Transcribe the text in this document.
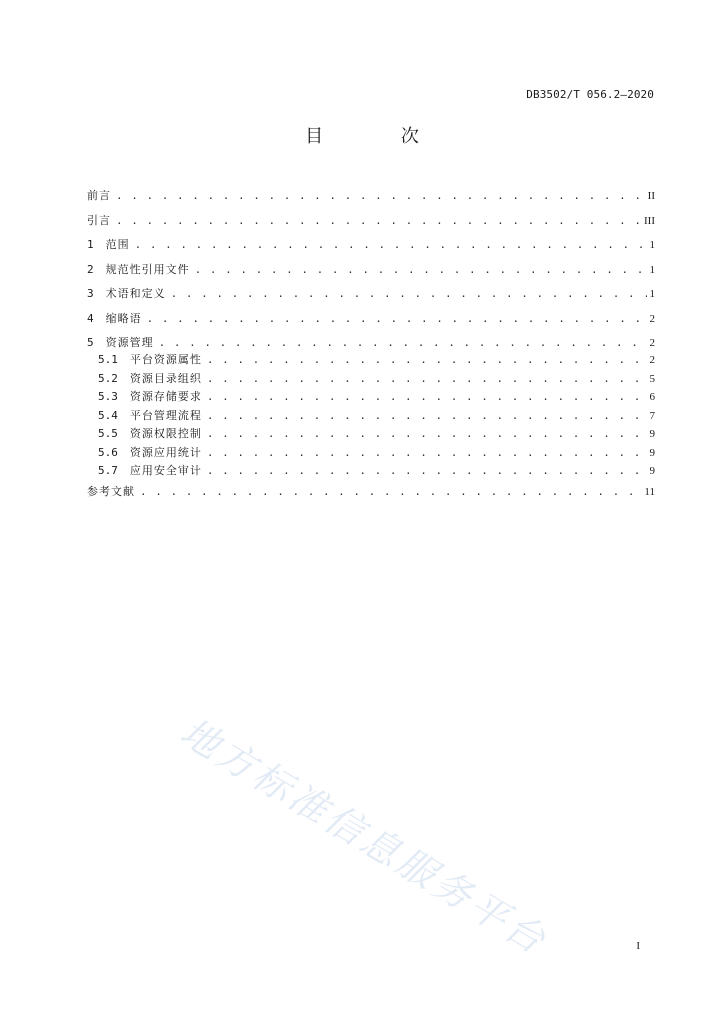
DB3502/T 056.2—2020
目 次
前言 . . .	II
引言 . . .	III
1 范围 . . .	1
2 规范性引用文件 . . .	1
3 术语和定义 . . .	1
4 缩略语 . . .	2
5 资源管理 . . .	2
5.1 平台资源属性 . . .	2
5.2 资源目录组织 . . .	5
5.3 资源存储要求 . . .	6
5.4 平台管理流程 . . .	7
5.5 资源权限控制 . . .	9
5.6 资源应用统计 . . .	9
5.7 应用安全审计 . . .	9
参考文献 . . .	11
地方标准信息服务平台	I
